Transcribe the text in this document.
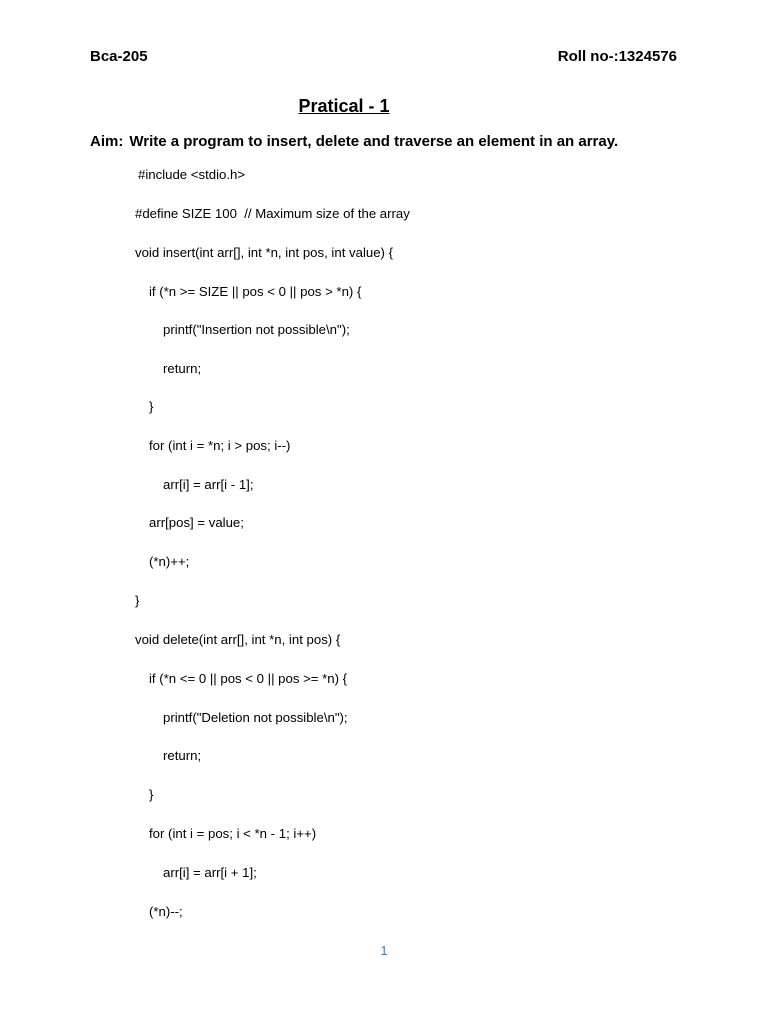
Bca-205	Roll no-:1324576
Pratical - 1
Aim: Write a program to insert, delete and traverse an element in an array.
#include <stdio.h>
#define SIZE 100  // Maximum size of the array
void insert(int arr[], int *n, int pos, int value) {
if (*n >= SIZE || pos < 0 || pos > *n) {
printf("Insertion not possible\n");
return;
}
for (int i = *n; i > pos; i--)
arr[i] = arr[i - 1];
arr[pos] = value;
(*n)++;
}
void delete(int arr[], int *n, int pos) {
if (*n <= 0 || pos < 0 || pos >= *n) {
printf("Deletion not possible\n");
return;
}
for (int i = pos; i < *n - 1; i++)
arr[i] = arr[i + 1];
(*n)--;
1
